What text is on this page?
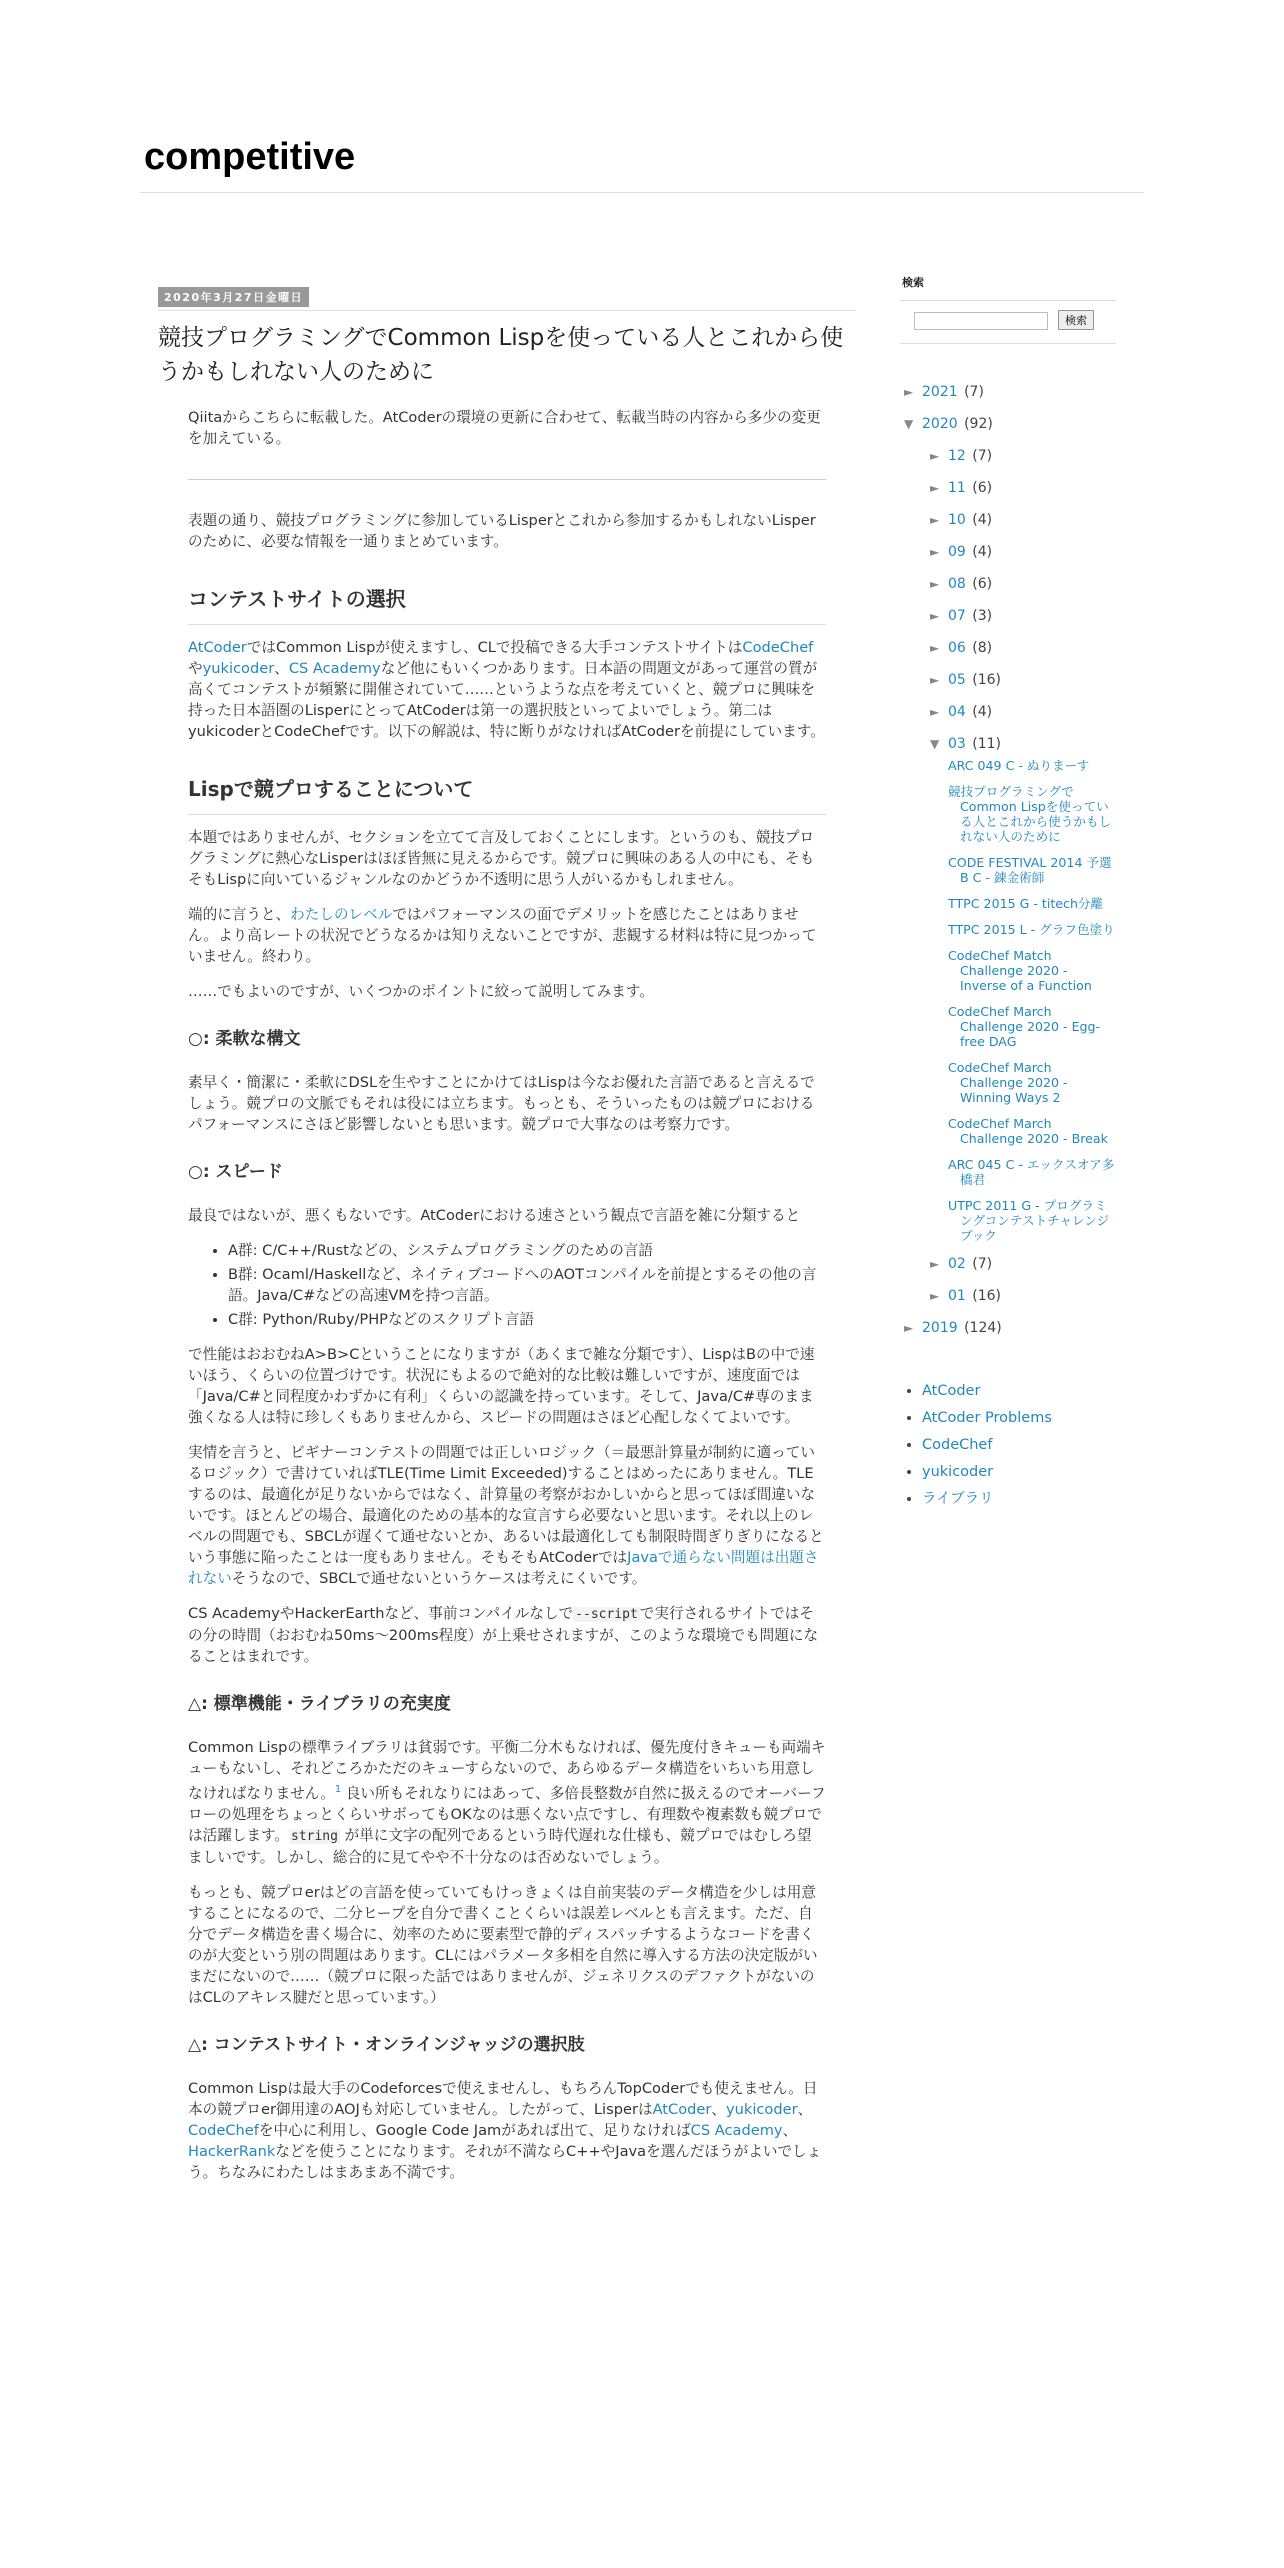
competitive
2020年3月27日金曜日
競技プログラミングでCommon Lispを使っている人とこれから使うかもしれない人のために

Qiitaからこちらに転載した。AtCoderの環境の更新に合わせて、転載当時の内容から多少の変更を加えている。

表題の通り、競技プログラミングに参加しているLisperとこれから参加するかもしれないLisperのために、必要な情報を一通りまとめています。

コンテストサイトの選択

AtCoderではCommon Lispが使えますし、CLで投稿できる大手コンテストサイトはCodeChefやyukicoder、CS Academyなど他にもいくつかあります。日本語の問題文があって運営の質が高くてコンテストが頻繁に開催されていて……というような点を考えていくと、競プロに興味を持った日本語圏のLisperにとってAtCoderは第一の選択肢といってよいでしょう。第二はyukicoderとCodeChefです。以下の解説は、特に断りがなければAtCoderを前提にしています。

Lispで競プロすることについて

本題ではありませんが、セクションを立てて言及しておくことにします。というのも、競技プログラミングに熱心なLisperはほぼ皆無に見えるからです。競プロに興味のある人の中にも、そもそもLispに向いているジャンルなのかどうか不透明に思う人がいるかもしれません。

端的に言うと、わたしのレベルではパフォーマンスの面でデメリットを感じたことはありません。より高レートの状況でどうなるかは知りえないことですが、悲観する材料は特に見つかっていません。終わり。

……でもよいのですが、いくつかのポイントに絞って説明してみます。

○: 柔軟な構文

素早く・簡潔に・柔軟にDSLを生やすことにかけてはLispは今なお優れた言語であると言えるでしょう。競プロの文脈でもそれは役には立ちます。もっとも、そういったものは競プロにおけるパフォーマンスにさほど影響しないとも思います。競プロで大事なのは考察力です。

○: スピード

最良ではないが、悪くもないです。AtCoderにおける速さという観点で言語を雑に分類すると

• A群: C/C++/Rustなどの、システムプログラミングのための言語
• B群: Ocaml/Haskellなど、ネイティブコードへのAOTコンパイルを前提とするその他の言語。Java/C#などの高速VMを持つ言語。
• C群: Python/Ruby/PHPなどのスクリプト言語

で性能はおおむねA>B>Cということになりますが（あくまで雑な分類です）、LispはBの中で速いほう、くらいの位置づけです。状況にもよるので絶対的な比較は難しいですが、速度面では「Java/C#と同程度かわずかに有利」くらいの認識を持っています。そして、Java/C#専のまま強くなる人は特に珍しくもありませんから、スピードの問題はさほど心配しなくてよいです。

実情を言うと、ビギナーコンテストの問題では正しいロジック（＝最悪計算量が制約に適っているロジック）で書けていればTLE(Time Limit Exceeded)することはめったにありません。TLEするのは、最適化が足りないからではなく、計算量の考察がおかしいからと思ってほぼ間違いないです。ほとんどの場合、最適化のための基本的な宣言すら必要ないと思います。それ以上のレベルの問題でも、SBCLが遅くて通せないとか、あるいは最適化しても制限時間ぎりぎりになるという事態に陥ったことは一度もありません。そもそもAtCoderではJavaで通らない問題は出題されないそうなので、SBCLで通せないというケースは考えにくいです。

CS AcademyやHackerEarthなど、事前コンパイルなしで --script で実行されるサイトではその分の時間（おおむね50ms～200ms程度）が上乗せされますが、このような環境でも問題になることはまれです。

△: 標準機能・ライブラリの充実度

Common Lispの標準ライブラリは貧弱です。平衡二分木もなければ、優先度付きキューも両端キューもないし、それどころかただのキューすらないので、あらゆるデータ構造をいちいち用意しなければなりません。$^1$ 良い所もそれなりにはあって、多倍長整数が自然に扱えるのでオーバーフローの処理をちょっとくらいサボってもOKなのは悪くない点ですし、有理数や複素数も競プロでは活躍します。 string が単に文字の配列であるという時代遅れな仕様も、競プロではむしろ望ましいです。しかし、総合的に見てやや不十分なのは否めないでしょう。

もっとも、競プロerはどの言語を使っていてもけっきょくは自前実装のデータ構造を少しは用意することになるので、二分ヒープを自分で書くことくらいは誤差レベルとも言えます。ただ、自分でデータ構造を書く場合に、効率のために要素型で静的ディスパッチするようなコードを書くのが大変という別の問題はあります。CLにはパラメータ多相を自然に導入する方法の決定版がいまだにないので……（競プロに限った話ではありませんが、ジェネリクスのデファクトがないのはCLのアキレス腱だと思っています。）

△: コンテストサイト・オンラインジャッジの選択肢

Common Lispは最大手のCodeforcesで使えませんし、もちろんTopCoderでも使えません。日本の競プロer御用達のAOJも対応していません。したがって、LisperはAtCoder、yukicoder、CodeChefを中心に利用し、Google Code Jamがあれば出て、足りなければCS Academy、HackerRankなどを使うことになります。それが不満ならC++やJavaを選んだほうがよいでしょう。ちなみにわたしはまあまあ不満です。

検索
検索
► 2021 (7)
▼ 2020 (92)
► 12 (7)
► 11 (6)
► 10 (4)
► 09 (4)
► 08 (6)
► 07 (3)
► 06 (8)
► 05 (16)
► 04 (4)
▼ 03 (11)
ARC 049 C - ぬりまーす
競技プログラミングでCommon Lispを使っている人とこれから使うかもしれない人のために
CODE FESTIVAL 2014 予選B C - 錬金術師
TTPC 2015 G - titech分離
TTPC 2015 L - グラフ色塗り
CodeChef Match Challenge 2020 - Inverse of a Function
CodeChef March Challenge 2020 - Egg-free DAG
CodeChef March Challenge 2020 - Winning Ways 2
CodeChef March Challenge 2020 - Break
ARC 045 C - エックスオア多橋君
UTPC 2011 G - プログラミングコンテストチャレンジブック
► 02 (7)
► 01 (16)
► 2019 (124)
• AtCoder
• AtCoder Problems
• CodeChef
• yukicoder
• ライブラリ
